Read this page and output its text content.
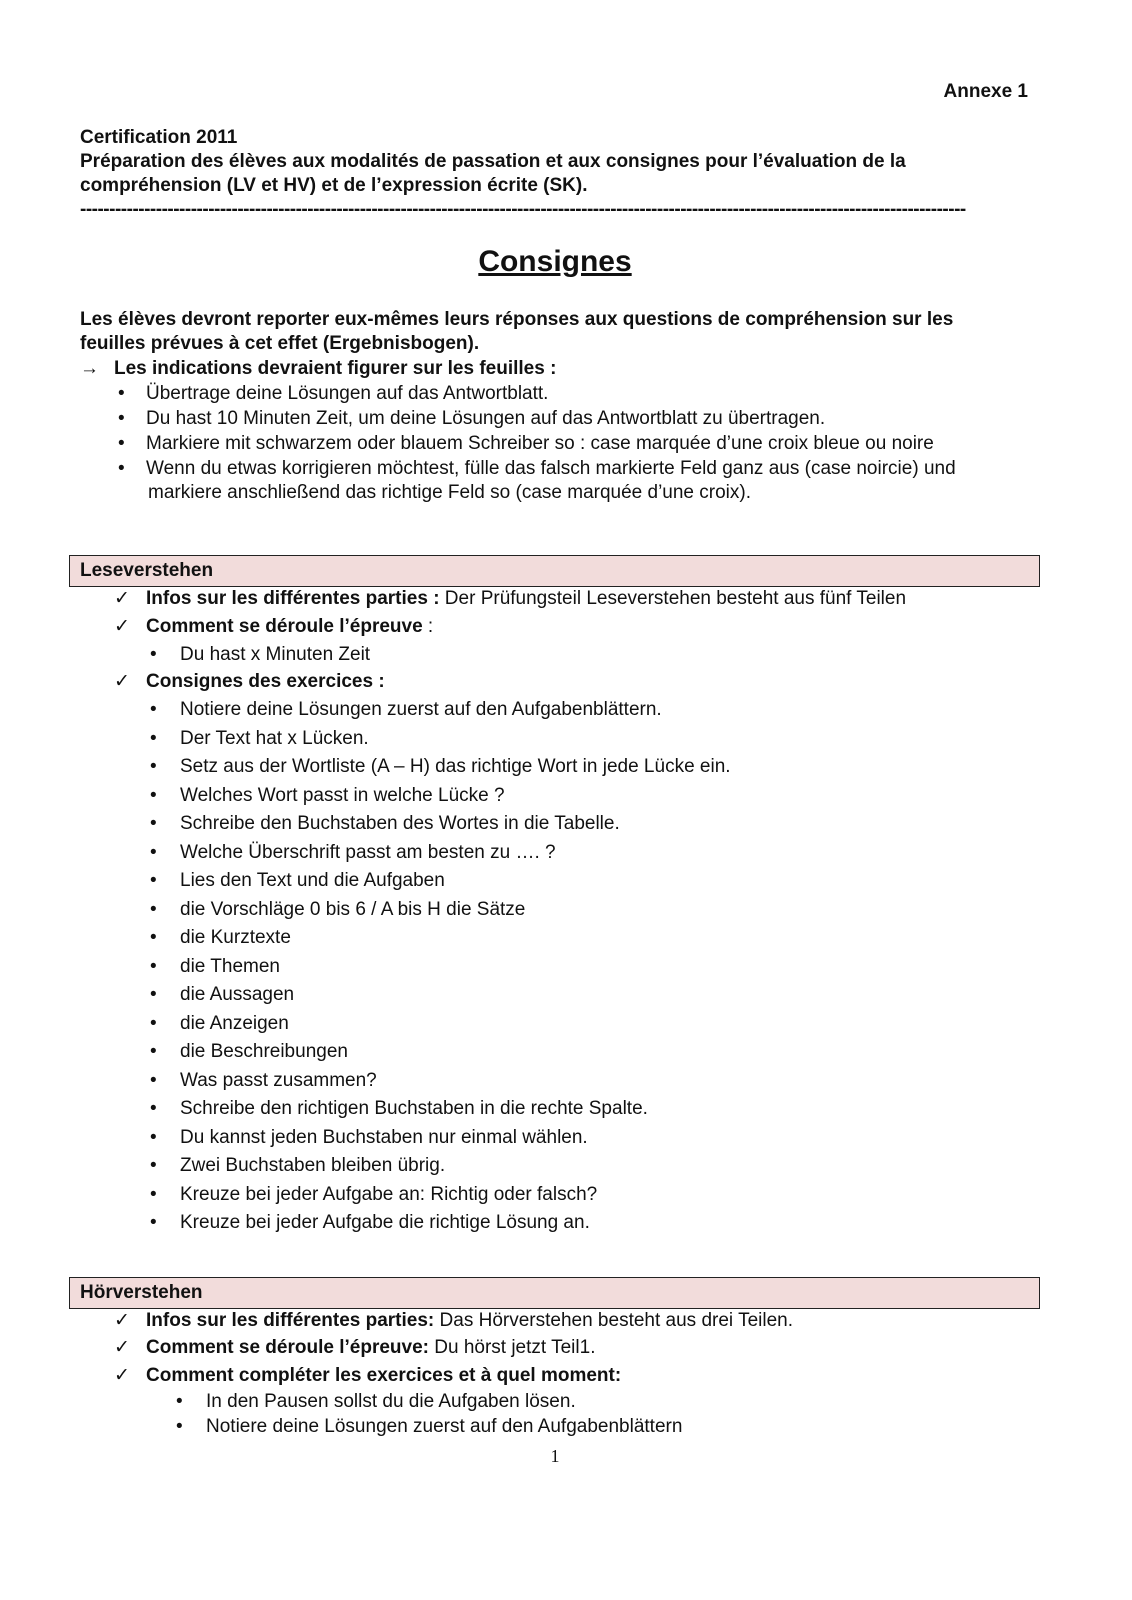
Annexe 1
Certification 2011
Préparation des élèves aux modalités de passation et aux consignes pour l’évaluation de la
compréhension (LV et HV) et de l’expression écrite (SK).
--------------------------------------------------------------------------------------------------------------------------------------------------------
Consignes
Les élèves devront reporter eux-mêmes leurs réponses aux questions de compréhension sur les
feuilles prévues à cet effet (Ergebnisbogen).
→ Les indications devraient figurer sur les feuilles :
• Übertrage deine Lösungen auf das Antwortblatt.
• Du hast 10 Minuten Zeit, um deine Lösungen auf das Antwortblatt zu übertragen.
• Markiere mit schwarzem oder blauem Schreiber so : case marquée d’une croix bleue ou noire
• Wenn du etwas korrigieren möchtest, fülle das falsch markierte Feld ganz aus (case noircie) und
markiere anschließend das richtige Feld so (case marquée d’une croix).
Leseverstehen
✓ Infos sur les différentes parties : Der Prüfungsteil Leseverstehen besteht aus fünf Teilen
✓ Comment se déroule l’épreuve :
• Du hast x Minuten Zeit
✓ Consignes des exercices :
• Notiere deine Lösungen zuerst auf den Aufgabenblättern.
• Der Text hat x Lücken.
• Setz aus der Wortliste (A – H) das richtige Wort in jede Lücke ein.
• Welches Wort passt in welche Lücke ?
• Schreibe den Buchstaben des Wortes in die Tabelle.
• Welche Überschrift passt am besten zu …. ?
• Lies den Text und die Aufgaben
• die Vorschläge 0 bis 6 / A bis H die Sätze
• die Kurztexte
• die Themen
• die Aussagen
• die Anzeigen
• die Beschreibungen
• Was passt zusammen?
• Schreibe den richtigen Buchstaben in die rechte Spalte.
• Du kannst jeden Buchstaben nur einmal wählen.
• Zwei Buchstaben bleiben übrig.
• Kreuze bei jeder Aufgabe an: Richtig oder falsch?
• Kreuze bei jeder Aufgabe die richtige Lösung an.
Hörverstehen
✓ Infos sur les différentes parties: Das Hörverstehen besteht aus drei Teilen.
✓ Comment se déroule l’épreuve: Du hörst jetzt Teil1.
✓ Comment compléter les exercices et à quel moment:
• In den Pausen sollst du die Aufgaben lösen.
• Notiere deine Lösungen zuerst auf den Aufgabenblättern
1
